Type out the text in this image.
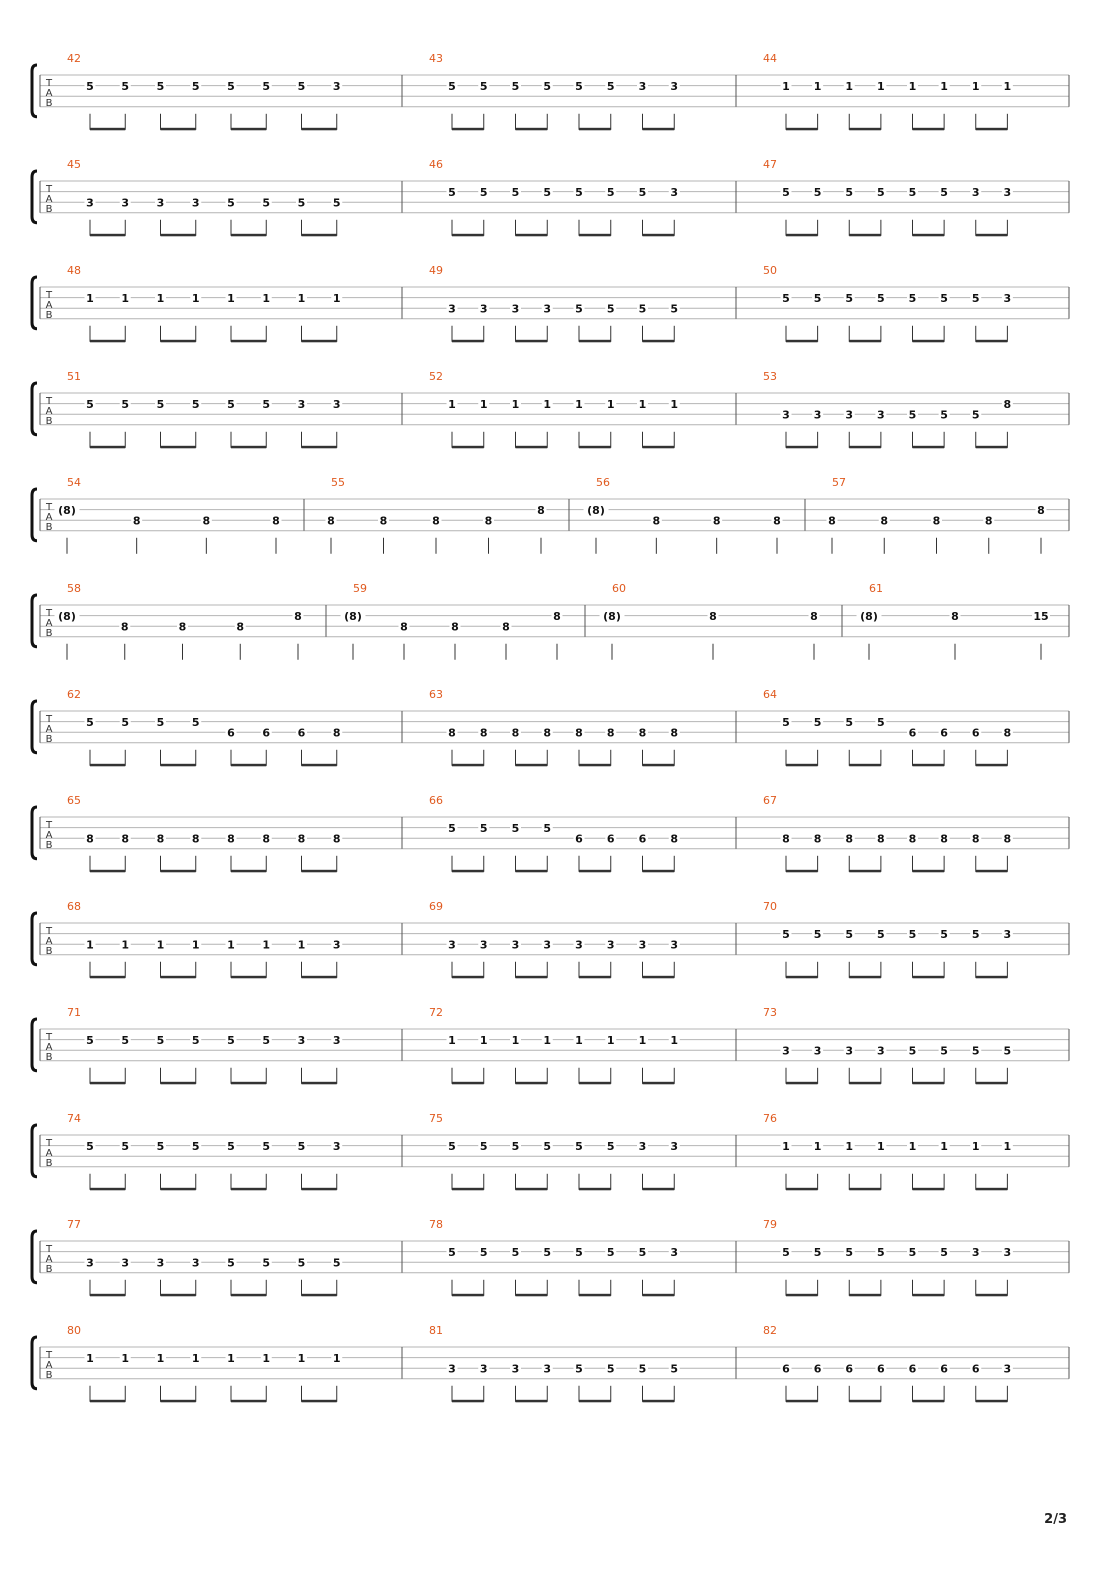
T
A
B
42
5	5	5	5	5	5	5	3
43
5 5 5 5 5 5 3 3
44
1 1 1 1 1 1 1 1
T
A
B
45
3	3	3	3	5	5	5	5
46
5 5 5 5 5 5 5 3
47
5 5 5 5 5 5 3 3
T
A
B
48
1	1	1	1	1	1	1	1
49
3 3 3 3 5 5 5 5
50
5 5 5 5 5 5 5 3
T
A
B
51
5	5	5	5	5	5	3	3
52
1 1 1 1 1 1 1 1
53
3 3 3 3 5 5 5
8
T
A
B
54
(8)
8	8	8
55
8	8	8	8
8
56
(8)
8	8	8
57
8	8	8	8
8
T
A
B
58
(8)
8	8	8
8
59
(8)
8	8	8
8
60
(8)	8	8
61
(8)	8	15
T
A
B
62
5	5	5	5
6	6	6	8
63
8 8 8 8 8 8 8 8
64
5 5 5 5
6 6 6 8
T
A
B
65
8	8	8	8	8	8	8	8
66
5 5 5 5
6 6 6 8
67
8 8 8 8 8 8 8 8
T
A
B
68
1	1	1	1	1	1	1	3
69
3 3 3 3 3 3 3 3
70
5 5 5 5 5 5 5 3
T
A
B
71
5	5	5	5	5	5	3	3
72
1 1 1 1 1 1 1 1
73
3 3 3 3 5 5 5 5
T
A
B
74
5	5	5	5	5	5	5	3
75
5 5 5 5 5 5 3 3
76
1 1 1 1 1 1 1 1
T
A
B
77
3	3	3	3	5	5	5	5
78
5 5 5 5 5 5 5 3
79
5 5 5 5 5 5 3 3
T
A
B
80
1	1	1	1	1	1	1	1
81
3 3 3 3 5 5 5 5
82
6 6 6 6 6 6 6 3
2/3
